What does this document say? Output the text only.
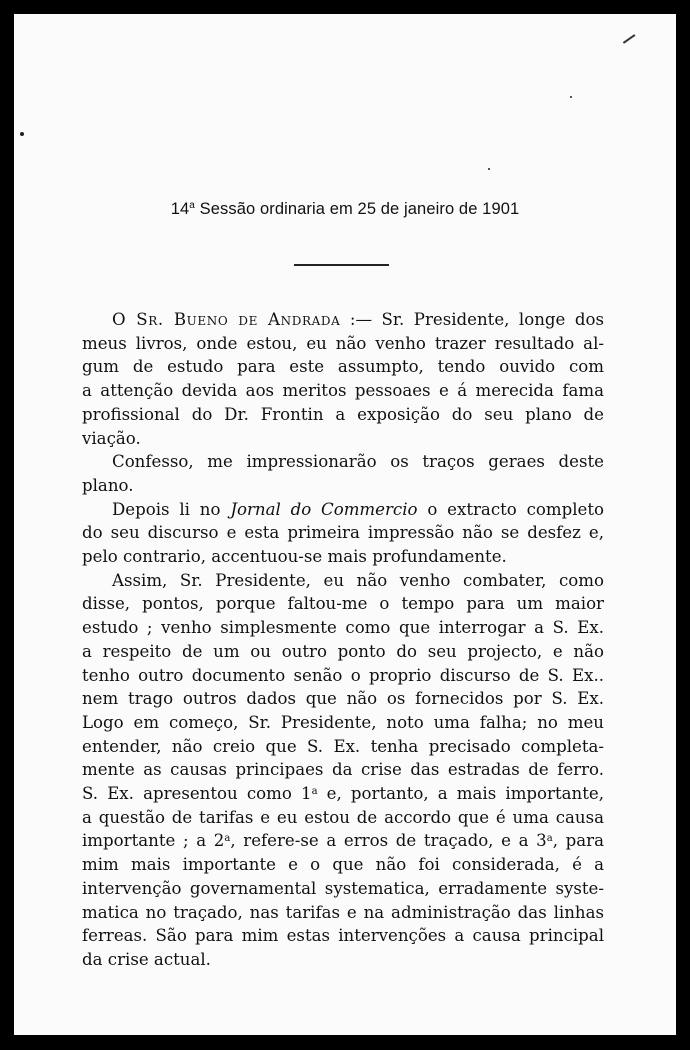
14$^a$ Sessão ordinaria em 25 de janeiro de 1901
O Sr. Bueno de Andrada :— Sr. Presidente, longe dos
meus livros, onde estou, eu não venho trazer resultado al-
gum de estudo para este assumpto, tendo ouvido com
a attenção devida aos meritos pessoaes e á merecida fama
profissional do Dr. Frontin a exposição do seu plano de
viação.
Confesso, me impressionarão os traços geraes deste
plano.
Depois li no Jornal do Commercio o extracto completo
do seu discurso e esta primeira impressão não se desfez e,
pelo contrario, accentuou-se mais profundamente.
Assim, Sr. Presidente, eu não venho combater, como
disse, pontos, porque faltou-me o tempo para um maior
estudo ; venho simplesmente como que interrogar a S. Ex.
a respeito de um ou outro ponto do seu projecto, e não
tenho outro documento senão o proprio discurso de S. Ex..
nem trago outros dados que não os fornecidos por S. Ex.
Logo em começo, Sr. Presidente, noto uma falha; no meu
entender, não creio que S. Ex. tenha precisado completa-
mente as causas principaes da crise das estradas de ferro.
S. Ex. apresentou como 1$^a$ e, portanto, a mais importante,
a questão de tarifas e eu estou de accordo que é uma causa
importante ; a 2$^a$, refere-se a erros de traçado, e a 3$^a$, para
mim mais importante e o que não foi considerada, é a
intervenção governamental systematica, erradamente syste-
matica no traçado, nas tarifas e na administração das linhas
ferreas. São para mim estas intervenções a causa principal
da crise actual.
